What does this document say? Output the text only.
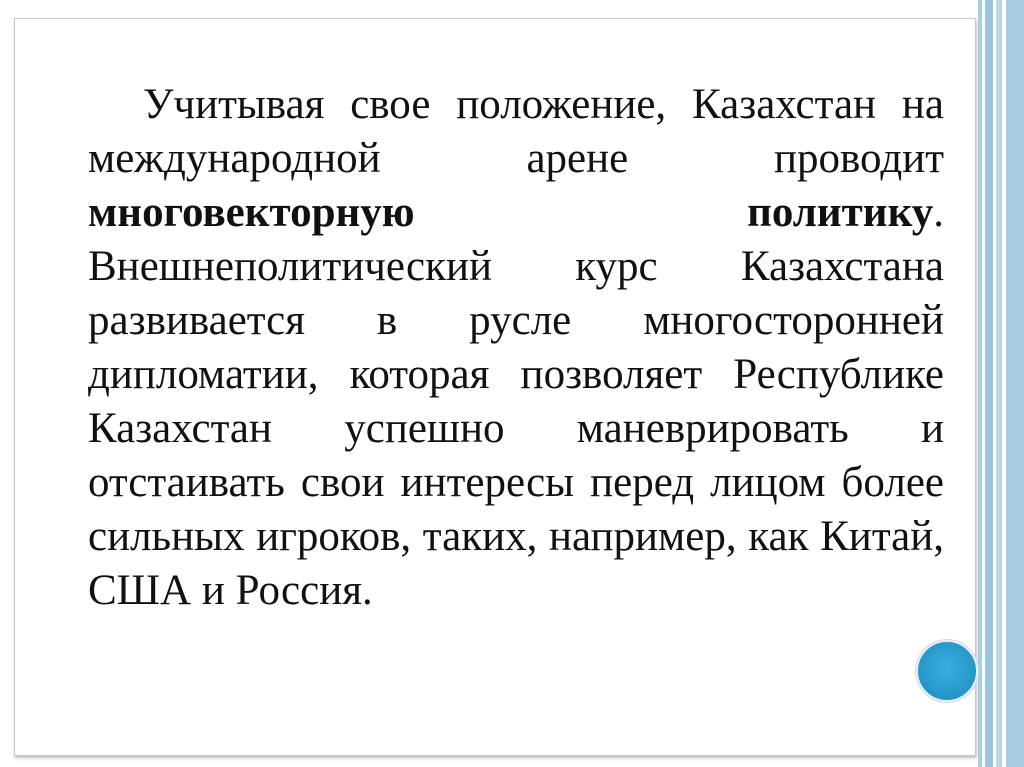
Учитывая свое положение, Казахстан на международной арене проводит многовекторную политику. Внешнеполитический курс Казахстана развивается в русле многосторонней дипломатии, которая позволяет Республике Казахстан успешно маневрировать и отстаивать свои интересы перед лицом более сильных игроков, таких, например, как Китай, США и Россия.
